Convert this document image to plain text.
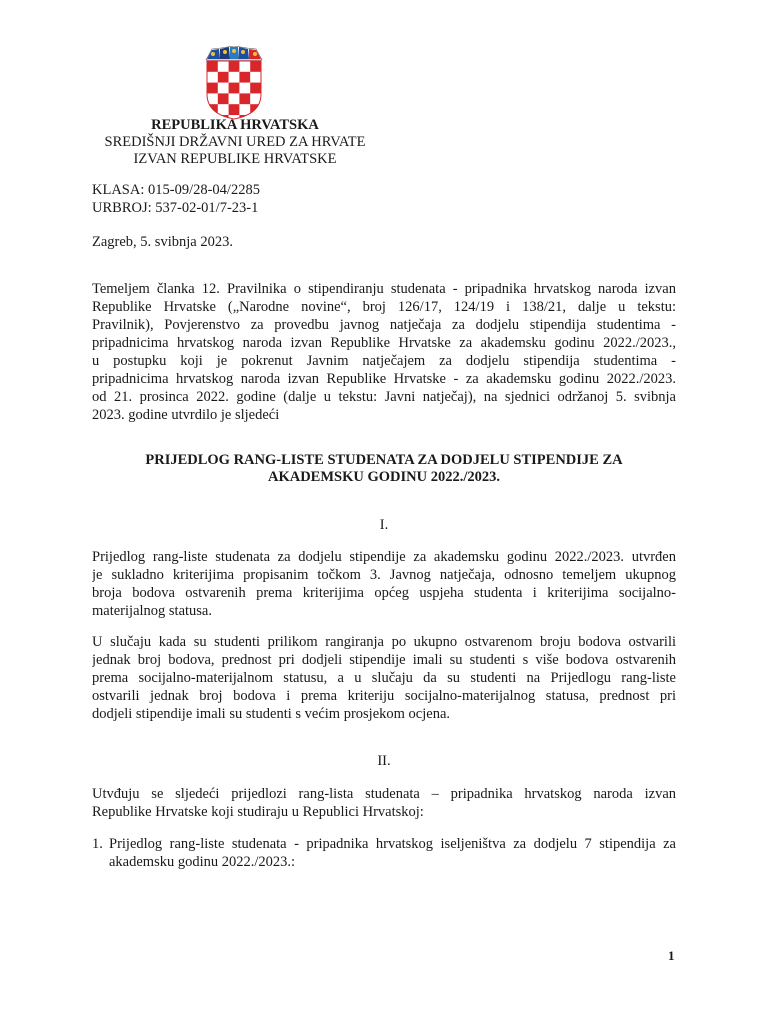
REPUBLIKA HRVATSKA
SREDIŠNJI DRŽAVNI URED ZA HRVATE
IZVAN REPUBLIKE HRVATSKE
KLASA: 015-09/28-04/2285
URBROJ: 537-02-01/7-23-1
Zagreb, 5. svibnja 2023.
Temeljem članka 12. Pravilnika o stipendiranju studenata - pripadnika hrvatskog naroda izvan
Republike Hrvatske („Narodne novine“, broj 126/17, 124/19 i 138/21, dalje u tekstu:
Pravilnik), Povjerenstvo za provedbu javnog natječaja za dodjelu stipendija studentima -
pripadnicima hrvatskog naroda izvan Republike Hrvatske za akademsku godinu 2022./2023.,
u postupku koji je pokrenut Javnim natječajem za dodjelu stipendija studentima -
pripadnicima hrvatskog naroda izvan Republike Hrvatske - za akademsku godinu 2022./2023.
od 21. prosinca 2022. godine (dalje u tekstu: Javni natječaj), na sjednici održanoj 5. svibnja
2023. godine utvrdilo je sljedeći
PRIJEDLOG RANG-LISTE STUDENATA ZA DODJELU STIPENDIJE ZA
AKADEMSKU GODINU 2022./2023.
I.
Prijedlog rang-liste studenata za dodjelu stipendije za akademsku godinu 2022./2023. utvrđen
je sukladno kriterijima propisanim točkom 3. Javnog natječaja, odnosno temeljem ukupnog
broja bodova ostvarenih prema kriterijima općeg uspjeha studenta i kriterijima socijalno-
materijalnog statusa.
U slučaju kada su studenti prilikom rangiranja po ukupno ostvarenom broju bodova ostvarili
jednak broj bodova, prednost pri dodjeli stipendije imali su studenti s više bodova ostvarenih
prema socijalno-materijalnom statusu, a u slučaju da su studenti na Prijedlogu rang-liste
ostvarili jednak broj bodova i prema kriteriju socijalno-materijalnog statusa, prednost pri
dodjeli stipendije imali su studenti s većim prosjekom ocjena.
II.
Utvđuju se sljedeći prijedlozi rang-lista studenata – pripadnika hrvatskog naroda izvan
Republike Hrvatske koji studiraju u Republici Hrvatskoj:
1. Prijedlog rang-liste studenata - pripadnika hrvatskog iseljeništva za dodjelu 7 stipendija za
akademsku godinu 2022./2023.:
1
